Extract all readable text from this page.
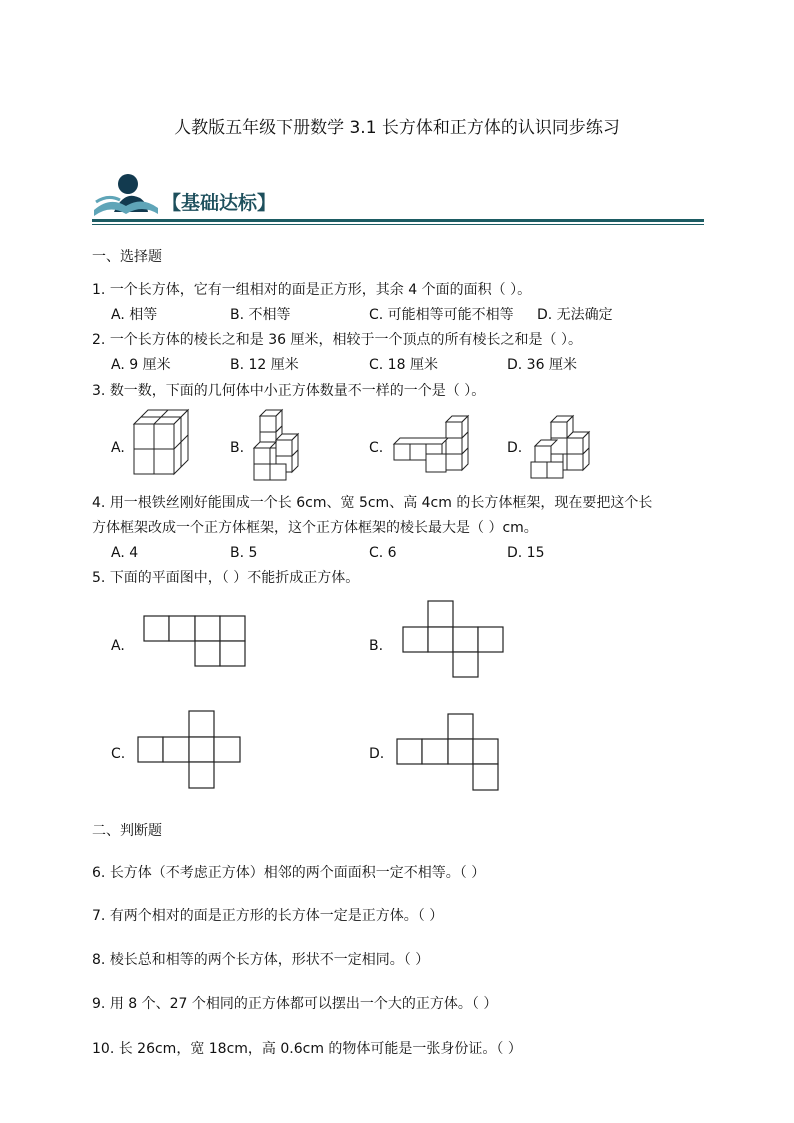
人教版五年级下册数学 3.1 长方体和正方体的认识同步练习
【基础达标】
一、选择题
1. 一个长方体，它有一组相对的面是正方形，其余 4 个面的面积（ ）。
A. 相等	B. 不相等	C. 可能相等可能不相等 D. 无法确定
2. 一个长方体的棱长之和是 36 厘米，相较于一个顶点的所有棱长之和是（ ）。
A. 9 厘米	B. 12 厘米	C. 18 厘米	D. 36 厘米
3. 数一数，下面的几何体中小正方体数量不一样的一个是（ ）。
A.	B.	C.	D.
4. 用一根铁丝刚好能围成一个长 6cm、宽 5cm、高 4cm 的长方体框架，现在要把这个长
方体框架改成一个正方体框架，这个正方体框架的棱长最大是（ ）cm。
A. 4	B. 5	C. 6	D. 15
5. 下面的平面图中，（ ）不能折成正方体。
A.	B.
C.	D.
二、判断题
6. 长方体（不考虑正方体）相邻的两个面面积一定不相等。（ ）
7. 有两个相对的面是正方形的长方体一定是正方体。（ ）
8. 棱长总和相等的两个长方体，形状不一定相同。（ ）
9. 用 8 个、27 个相同的正方体都可以摆出一个大的正方体。（ ）
10. 长 26cm，宽 18cm，高 0.6cm 的物体可能是一张身份证。（ ）
